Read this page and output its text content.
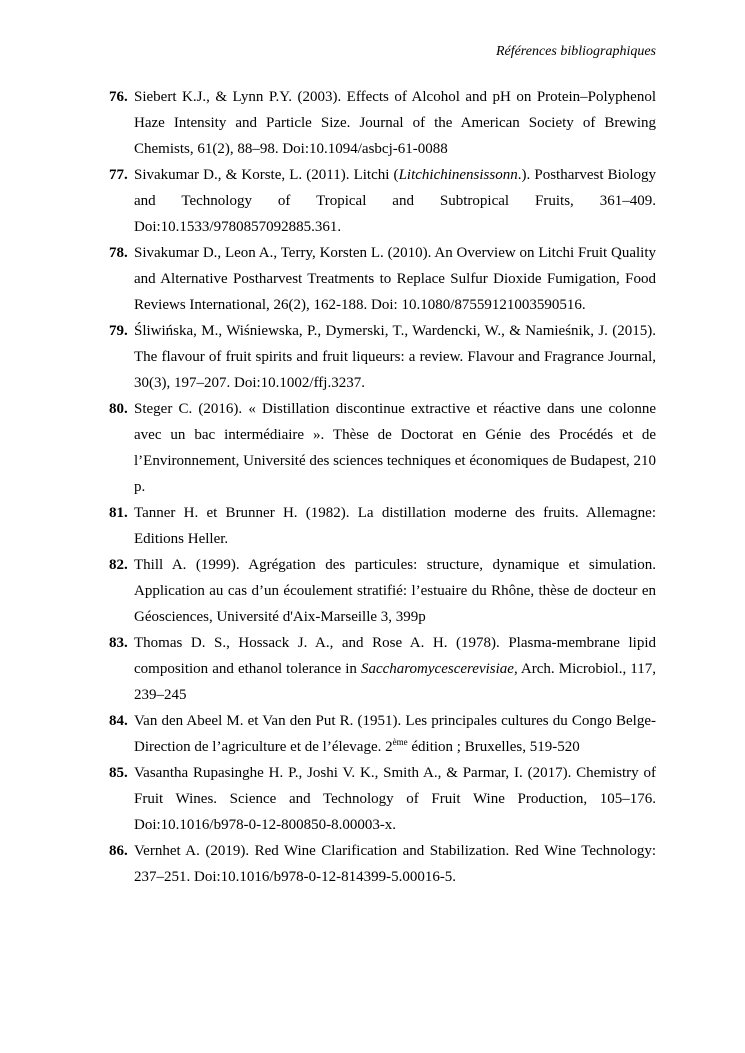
Références bibliographiques
76. Siebert K.J., & Lynn P.Y. (2003). Effects of Alcohol and pH on Protein–Polyphenol Haze Intensity and Particle Size. Journal of the American Society of Brewing Chemists, 61(2), 88–98. Doi:10.1094/asbcj-61-0088
77. Sivakumar D., & Korste, L. (2011). Litchi (Litchichinensissonn.). Postharvest Biology and Technology of Tropical and Subtropical Fruits, 361–409. Doi:10.1533/9780857092885.361.
78. Sivakumar D., Leon A., Terry, Korsten L. (2010). An Overview on Litchi Fruit Quality and Alternative Postharvest Treatments to Replace Sulfur Dioxide Fumigation, Food Reviews International, 26(2), 162-188. Doi: 10.1080/87559121003590516.
79. Śliwińska, M., Wiśniewska, P., Dymerski, T., Wardencki, W., & Namieśnik, J. (2015). The flavour of fruit spirits and fruit liqueurs: a review. Flavour and Fragrance Journal, 30(3), 197–207. Doi:10.1002/ffj.3237.
80. Steger C. (2016). « Distillation discontinue extractive et réactive dans une colonne avec un bac intermédiaire ». Thèse de Doctorat en Génie des Procédés et de l’Environnement, Université des sciences techniques et économiques de Budapest, 210 p.
81. Tanner H. et Brunner H. (1982). La distillation moderne des fruits. Allemagne: Editions Heller.
82. Thill A. (1999). Agrégation des particules: structure, dynamique et simulation. Application au cas d’un écoulement stratifié: l’estuaire du Rhône, thèse de docteur en Géosciences, Université d'Aix-Marseille 3, 399p
83. Thomas D. S., Hossack J. A., and Rose A. H. (1978). Plasma-membrane lipid composition and ethanol tolerance in Saccharomycescerevisiae, Arch. Microbiol., 117, 239–245
84. Van den Abeel M. et Van den Put R. (1951). Les principales cultures du Congo Belge-Direction de l’agriculture et de l’élevage. 2ème édition ; Bruxelles, 519-520
85. Vasantha Rupasinghe H. P., Joshi V. K., Smith A., & Parmar, I. (2017). Chemistry of Fruit Wines. Science and Technology of Fruit Wine Production, 105–176. Doi:10.1016/b978-0-12-800850-8.00003-x.
86. Vernhet A. (2019). Red Wine Clarification and Stabilization. Red Wine Technology: 237–251. Doi:10.1016/b978-0-12-814399-5.00016-5.
